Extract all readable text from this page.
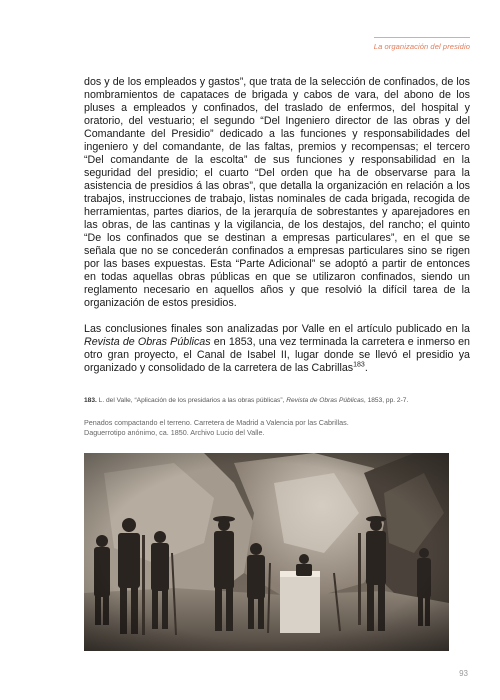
La organización del presidio

dos y de los empleados y gastos”, que trata de la selección de confinados, de los nombramientos de capataces de brigada y cabos de vara, del abono de los pluses a empleados y confinados, del traslado de enfermos, del hospital y oratorio, del vestuario; el segundo “Del Ingeniero director de las obras y del Comandante del Presidio” dedicado a las funciones y responsabilidades del ingeniero y del comandante, de las faltas, premios y recompensas; el tercero “Del comandante de la escolta” de sus funciones y responsabilidad en la seguridad del presidio; el cuarto “Del orden que ha de observarse para la asistencia de presidios á las obras”, que detalla la organización en relación a los trabajos, instrucciones de trabajo, listas nominales de cada brigada, recogida de herramientas, partes diarios, de la jerarquía de sobrestantes y aparejadores en las obras, de las cantinas y la vigilancia, de los destajos, del rancho; el quinto “De los confinados que se destinan a empresas particulares”, en el que se señala que no se concederán confinados a empresas particulares sino se rigen por las bases expuestas. Esta “Parte Adicional” se adoptó a partir de entonces en todas aquellas obras públicas en que se utilizaron confinados, siendo un reglamento necesario en aquellos años y que resolvió la difícil tarea de la organización de estos presidios.

Las conclusiones finales son analizadas por Valle en el artículo publicado en la Revista de Obras Públicas en 1853, una vez terminada la carretera e inmerso en otro gran proyecto, el Canal de Isabel II, lugar donde se llevó el presidio ya organizado y consolidado de la carretera de las Cabrillas$^{183}$.

183. L. del Valle, “Aplicación de los presidarios a las obras públicas”, Revista de Obras Públicas, 1853, pp. 2-7.
Penados compactando el terreno. Carretera de Madrid a Valencia por las Cabrillas.
Daguerrotipo anónimo, ca. 1850. Archivo Lucio del Valle.
93
